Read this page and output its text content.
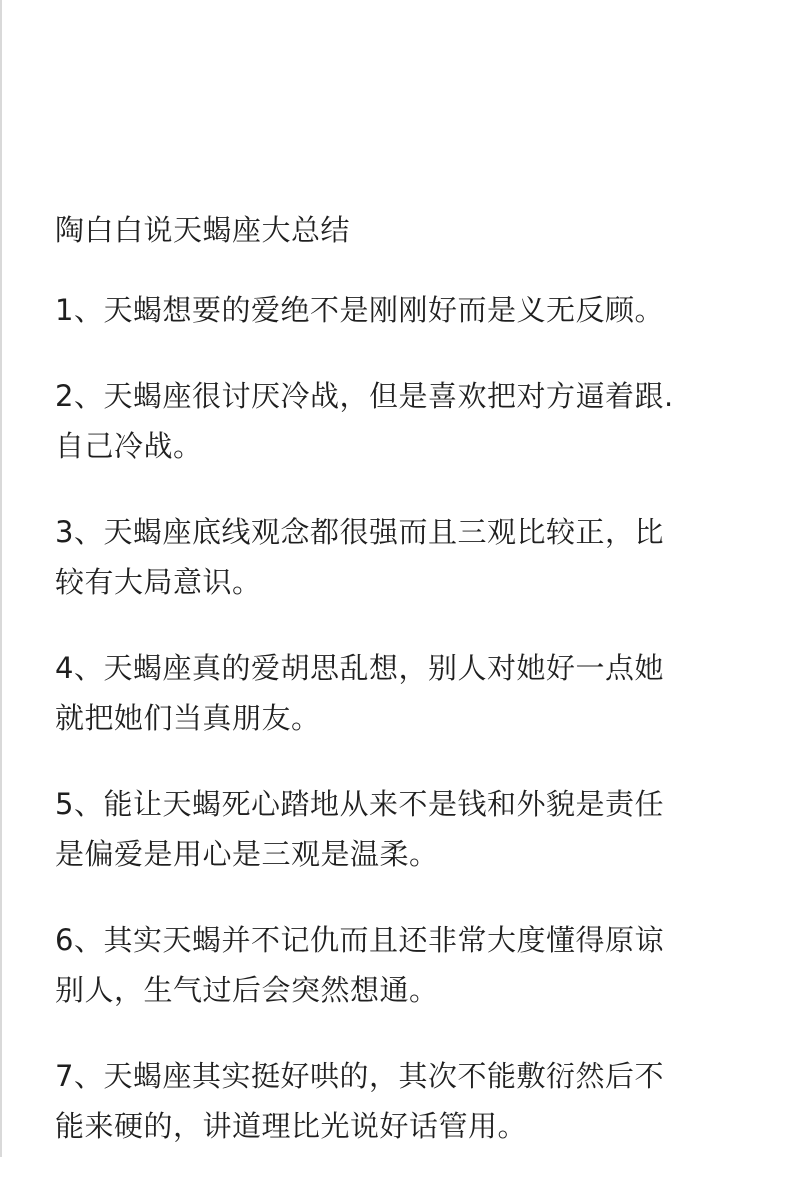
陶白白说天蝎座大总结
1、天蝎想要的爱绝不是刚刚好而是义无反顾。
2、天蝎座很讨厌冷战，但是喜欢把对方逼着跟.
自己冷战。
3、天蝎座底线观念都很强而且三观比较正，比
较有大局意识。
4、天蝎座真的爱胡思乱想，别人对她好一点她
就把她们当真朋友。
5、能让天蝎死心踏地从来不是钱和外貌是责任
是偏爱是用心是三观是温柔。
6、其实天蝎并不记仇而且还非常大度懂得原谅
别人，生气过后会突然想通。
7、天蝎座其实挺好哄的，其次不能敷衍然后不
能来硬的，讲道理比光说好话管用。
